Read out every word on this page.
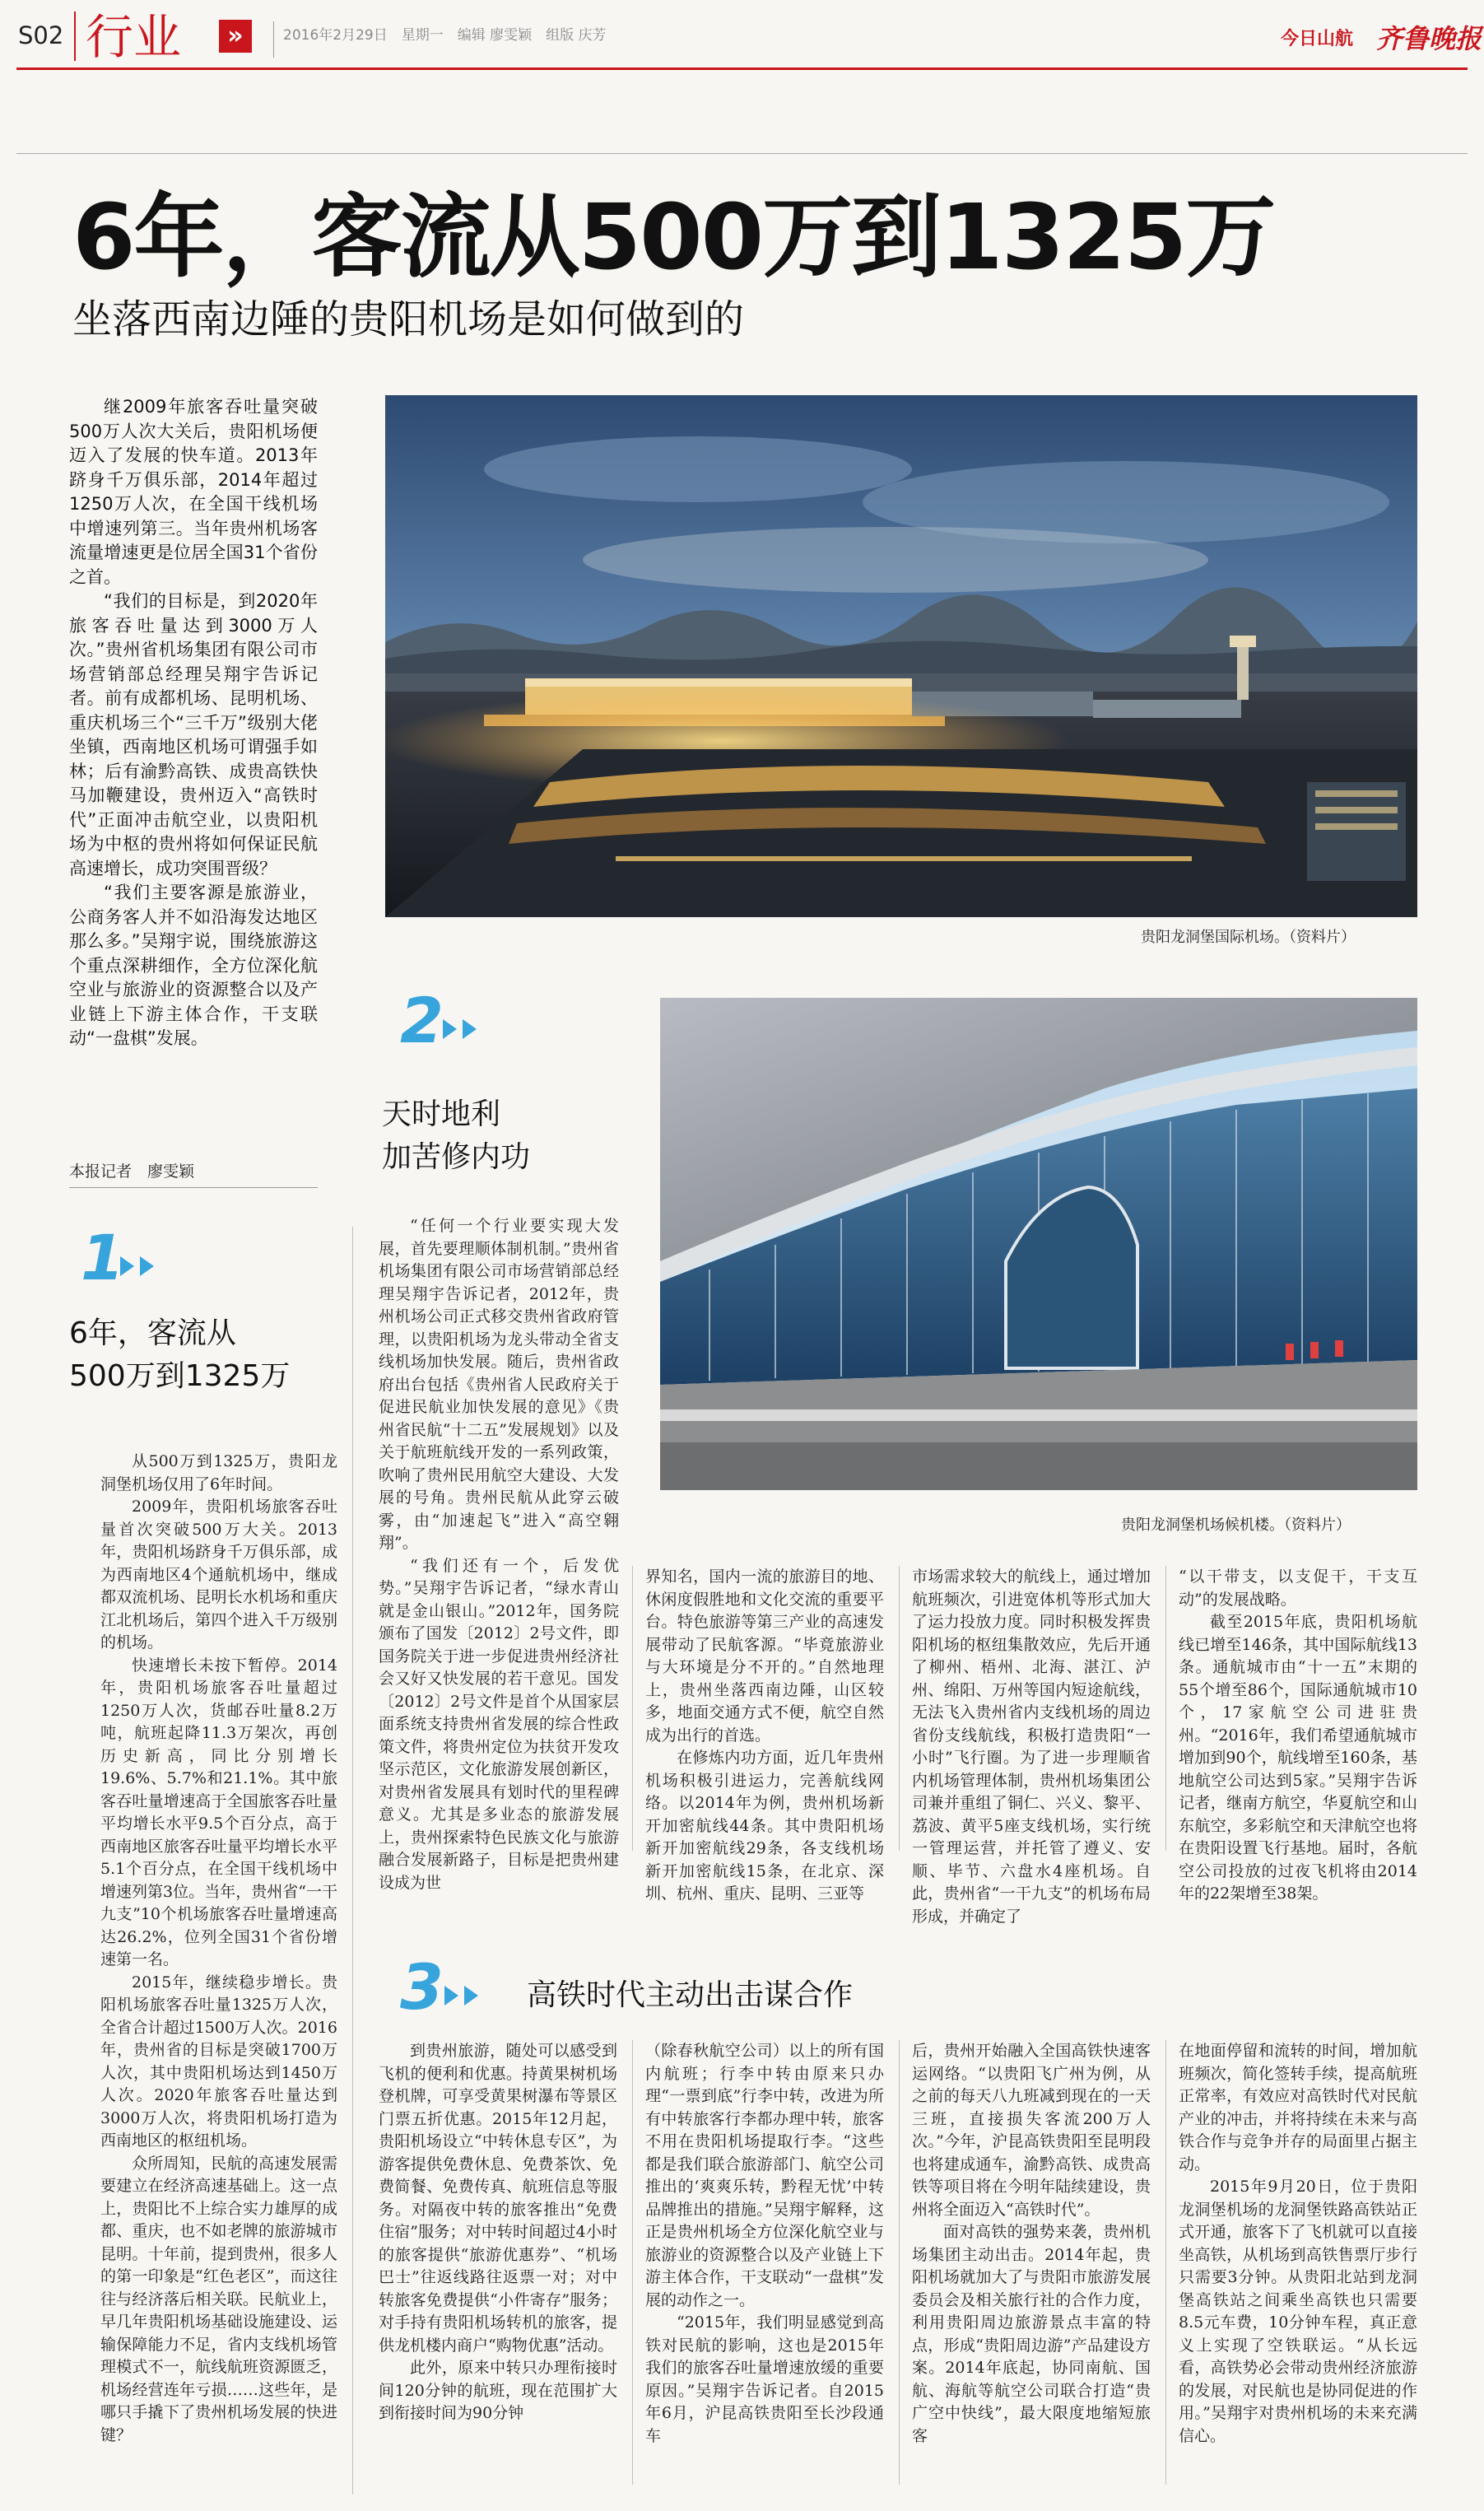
S02 行业	»	2016年2月29日　星期一　编辑 廖雯颖　组版 庆芳	今日山航 齐鲁晚报
6年，客流从500万到1325万
坐落西南边陲的贵阳机场是如何做到的

继2009年旅客吞吐量突破500万人次大关后，贵阳机场便迈入了发展的快车道。2013年跻身千万俱乐部，2014年超过1250万人次，在全国干线机场中增速列第三。当年贵州机场客流量增速更是位居全国31个省份之首。

“我们的目标是，到2020年旅客吞吐量达到3000万人次。”贵州省机场集团有限公司市场营销部总经理吴翔宇告诉记者。前有成都机场、昆明机场、重庆机场三个“三千万”级别大佬坐镇，西南地区机场可谓强手如林；后有渝黔高铁、成贵高铁快马加鞭建设，贵州迈入“高铁时代”正面冲击航空业，以贵阳机场为中枢的贵州将如何保证民航高速增长，成功突围晋级？

“我们主要客源是旅游业，公商务客人并不如沿海发达地区那么多。”吴翔宇说，围绕旅游这个重点深耕细作，全方位深化航空业与旅游业的资源整合以及产业链上下游主体合作，干支联动“一盘棋”发展。

本报记者　廖雯颖
贵阳龙洞堡国际机场。（资料片）
2
天时地利
加苦修内功
贵阳龙洞堡机场候机楼。（资料片）
1
6年，客流从
500万到1325万

从500万到1325万，贵阳龙洞堡机场仅用了6年时间。

2009年，贵阳机场旅客吞吐量首次突破500万大关。2013年，贵阳机场跻身千万俱乐部，成为西南地区4个通航机场中，继成都双流机场、昆明长水机场和重庆江北机场后，第四个进入千万级别的机场。

快速增长未按下暂停。2014年，贵阳机场旅客吞吐量超过1250万人次，货邮吞吐量8.2万吨，航班起降11.3万架次，再创历史新高，同比分别增长19.6%、5.7%和21.1%。其中旅客吞吐量增速高于全国旅客吞吐量平均增长水平9.5个百分点，高于西南地区旅客吞吐量平均增长水平5.1个百分点，在全国干线机场中增速列第3位。当年，贵州省“一干九支”10个机场旅客吞吐量增速高达26.2%，位列全国31个省份增速第一名。

2015年，继续稳步增长。贵阳机场旅客吞吐量1325万人次，全省合计超过1500万人次。2016年，贵州省的目标是突破1700万人次，其中贵阳机场达到1450万人次。2020年旅客吞吐量达到3000万人次，将贵阳机场打造为西南地区的枢纽机场。

众所周知，民航的高速发展需要建立在经济高速基础上。这一点上，贵阳比不上综合实力雄厚的成都、重庆，也不如老牌的旅游城市昆明。十年前，提到贵州，很多人的第一印象是“红色老区”，而这往往与经济落后相关联。民航业上，早几年贵阳机场基础设施建设、运输保障能力不足，省内支线机场管理模式不一，航线航班资源匮乏，机场经营连年亏损……这些年，是哪只手撬下了贵州机场发展的快进键？

“任何一个行业要实现大发展，首先要理顺体制机制。”贵州省机场集团有限公司市场营销部总经理吴翔宇告诉记者，2012年，贵州机场公司正式移交贵州省政府管理，以贵阳机场为龙头带动全省支线机场加快发展。随后，贵州省政府出台包括《贵州省人民政府关于促进民航业加快发展的意见》《贵州省民航“十二五”发展规划》以及关于航班航线开发的一系列政策，吹响了贵州民用航空大建设、大发展的号角。贵州民航从此穿云破雾，由“加速起飞”进入“高空翱翔”。

“我们还有一个，后发优势。”吴翔宇告诉记者，“绿水青山就是金山银山。”2012年，国务院颁布了国发〔2012〕2号文件，即国务院关于进一步促进贵州经济社会又好又快发展的若干意见。国发〔2012〕2号文件是首个从国家层面系统支持贵州省发展的综合性政策文件，将贵州定位为扶贫开发攻坚示范区，文化旅游发展创新区，对贵州省发展具有划时代的里程碑意义。尤其是多业态的旅游发展上，贵州探索特色民族文化与旅游融合发展新路子，目标是把贵州建设成为世

界知名，国内一流的旅游目的地、休闲度假胜地和文化交流的重要平台。特色旅游等第三产业的高速发展带动了民航客源。“毕竟旅游业与大环境是分不开的。”自然地理上，贵州坐落西南边陲，山区较多，地面交通方式不便，航空自然成为出行的首选。

在修炼内功方面，近几年贵州机场积极引进运力，完善航线网络。以2014年为例，贵州机场新开加密航线44条。其中贵阳机场新开加密航线29条，各支线机场新开加密航线15条，在北京、深圳、杭州、重庆、昆明、三亚等

市场需求较大的航线上，通过增加航班频次，引进宽体机等形式加大了运力投放力度。同时积极发挥贵阳机场的枢纽集散效应，先后开通了柳州、梧州、北海、湛江、泸州、绵阳、万州等国内短途航线，无法飞入贵州省内支线机场的周边省份支线航线，积极打造贵阳“一小时”飞行圈。为了进一步理顺省内机场管理体制，贵州机场集团公司兼并重组了铜仁、兴义、黎平、荔波、黄平5座支线机场，实行统一管理运营，并托管了遵义、安顺、毕节、六盘水4座机场。自此，贵州省“一干九支”的机场布局形成，并确定了

“以干带支，以支促干，干支互动”的发展战略。

截至2015年底，贵阳机场航线已增至146条，其中国际航线13条。通航城市由“十一五”末期的55个增至86个，国际通航城市10个，17家航空公司进驻贵州。“2016年，我们希望通航城市增加到90个，航线增至160条，基地航空公司达到5家。”吴翔宇告诉记者，继南方航空，华夏航空和山东航空，多彩航空和天津航空也将在贵阳设置飞行基地。届时，各航空公司投放的过夜飞机将由2014年的22架增至38架。

3	高铁时代主动出击谋合作

到贵州旅游，随处可以感受到飞机的便利和优惠。持黄果树机场登机牌，可享受黄果树瀑布等景区门票五折优惠。2015年12月起，贵阳机场设立“中转休息专区”，为游客提供免费休息、免费茶饮、免费简餐、免费传真、航班信息等服务。对隔夜中转的旅客推出“免费住宿”服务；对中转时间超过4小时的旅客提供“旅游优惠券”、“机场巴士”往返线路往返票一对；对中转旅客免费提供“小件寄存”服务；对手持有贵阳机场转机的旅客，提供龙机楼内商户“购物优惠”活动。

此外，原来中转只办理衔接时间120分钟的航班，现在范围扩大到衔接时间为90分钟

（除春秋航空公司）以上的所有国内航班；行李中转由原来只办理“一票到底”行李中转，改进为所有中转旅客行李都办理中转，旅客不用在贵阳机场提取行李。“这些都是我们联合旅游部门、航空公司推出的‘爽爽乐转，黔程无忧’中转品牌推出的措施。”吴翔宇解释，这正是贵州机场全方位深化航空业与旅游业的资源整合以及产业链上下游主体合作，干支联动“一盘棋”发展的动作之一。

“2015年，我们明显感觉到高铁对民航的影响，这也是2015年我们的旅客吞吐量增速放缓的重要原因。”吴翔宇告诉记者。自2015年6月，沪昆高铁贵阳至长沙段通车

后，贵州开始融入全国高铁快速客运网络。“以贵阳飞广州为例，从之前的每天八九班减到现在的一天三班，直接损失客流200万人次。”今年，沪昆高铁贵阳至昆明段也将建成通车，渝黔高铁、成贵高铁等项目将在今明年陆续建设，贵州将全面迈入“高铁时代”。

面对高铁的强势来袭，贵州机场集团主动出击。2014年起，贵阳机场就加大了与贵阳市旅游发展委员会及相关旅行社的合作力度，利用贵阳周边旅游景点丰富的特点，形成“贵阳周边游”产品建设方案。2014年底起，协同南航、国航、海航等航空公司联合打造“贵广空中快线”，最大限度地缩短旅客

在地面停留和流转的时间，增加航班频次，简化签转手续，提高航班正常率，有效应对高铁时代对民航产业的冲击，并将持续在未来与高铁合作与竞争并存的局面里占据主动。

2015年9月20日，位于贵阳龙洞堡机场的龙洞堡铁路高铁站正式开通，旅客下了飞机就可以直接坐高铁，从机场到高铁售票厅步行只需要3分钟。从贵阳北站到龙洞堡高铁站之间乘坐高铁也只需要8.5元车费，10分钟车程，真正意义上实现了空铁联运。“从长远看，高铁势必会带动贵州经济旅游的发展，对民航也是协同促进的作用。”吴翔宇对贵州机场的未来充满信心。
